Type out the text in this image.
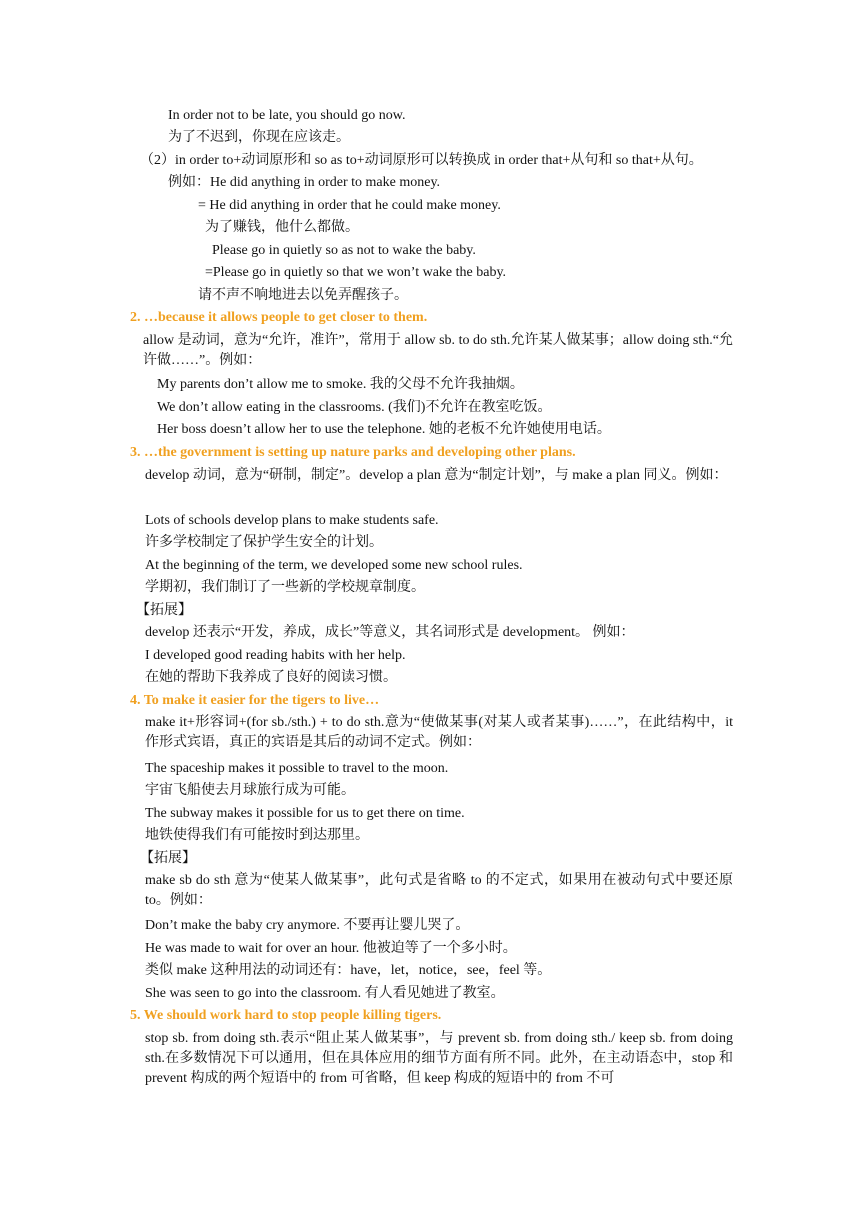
In order not to be late, you should go now.
为了不迟到，你现在应该走。
（2）in order to+动词原形和 so as to+动词原形可以转换成 in order that+从句和 so that+从句。
例如：He did anything in order to make money.
= He did anything in order that he could make money.
为了赚钱，他什么都做。
Please go in quietly so as not to wake the baby.
=Please go in quietly so that we won’t wake the baby.
请不声不响地进去以免弄醒孩子。
2. …because it allows people to get closer to them.
allow 是动词，意为“允许，准许”，常用于 allow sb. to do sth.允许某人做某事；allow doing sth.“允许做……”。例如：
My parents don’t allow me to smoke. 我的父母不允许我抽烟。
We don’t allow eating in the classrooms. (我们)不允许在教室吃饭。
Her boss doesn’t allow her to use the telephone. 她的老板不允许她使用电话。
3. …the government is setting up nature parks and developing other plans.
develop 动词，意为“研制，制定”。develop a plan 意为“制定计划”，与 make a plan 同义。例如：
Lots of schools develop plans to make students safe.
许多学校制定了保护学生安全的计划。
At the beginning of the term, we developed some new school rules.
学期初，我们制订了一些新的学校规章制度。
【拓展】
develop 还表示“开发，养成，成长”等意义，其名词形式是 development。 例如：
I developed good reading habits with her help.
在她的帮助下我养成了良好的阅读习惯。
4. To make it easier for the tigers to live…
make it+形容词+(for sb./sth.) + to do sth.意为“使做某事(对某人或者某事)……”，在此结构中，it 作形式宾语，真正的宾语是其后的动词不定式。例如：
The spaceship makes it possible to travel to the moon.
宇宙飞船使去月球旅行成为可能。
The subway makes it possible for us to get there on time.
地铁使得我们有可能按时到达那里。
【拓展】
make sb do sth 意为“使某人做某事”，此句式是省略 to 的不定式，如果用在被动句式中要还原 to。例如：
Don’t make the baby cry anymore. 不要再让婴儿哭了。
He was made to wait for over an hour. 他被迫等了一个多小时。
类似 make 这种用法的动词还有：have，let，notice，see，feel 等。
She was seen to go into the classroom. 有人看见她进了教室。
5. We should work hard to stop people killing tigers.
stop sb. from doing sth.表示“阻止某人做某事”，与 prevent sb. from doing sth./ keep sb. from doing sth.在多数情况下可以通用，但在具体应用的细节方面有所不同。此外，在主动语态中，stop 和 prevent 构成的两个短语中的 from 可省略，但 keep 构成的短语中的 from 不可
